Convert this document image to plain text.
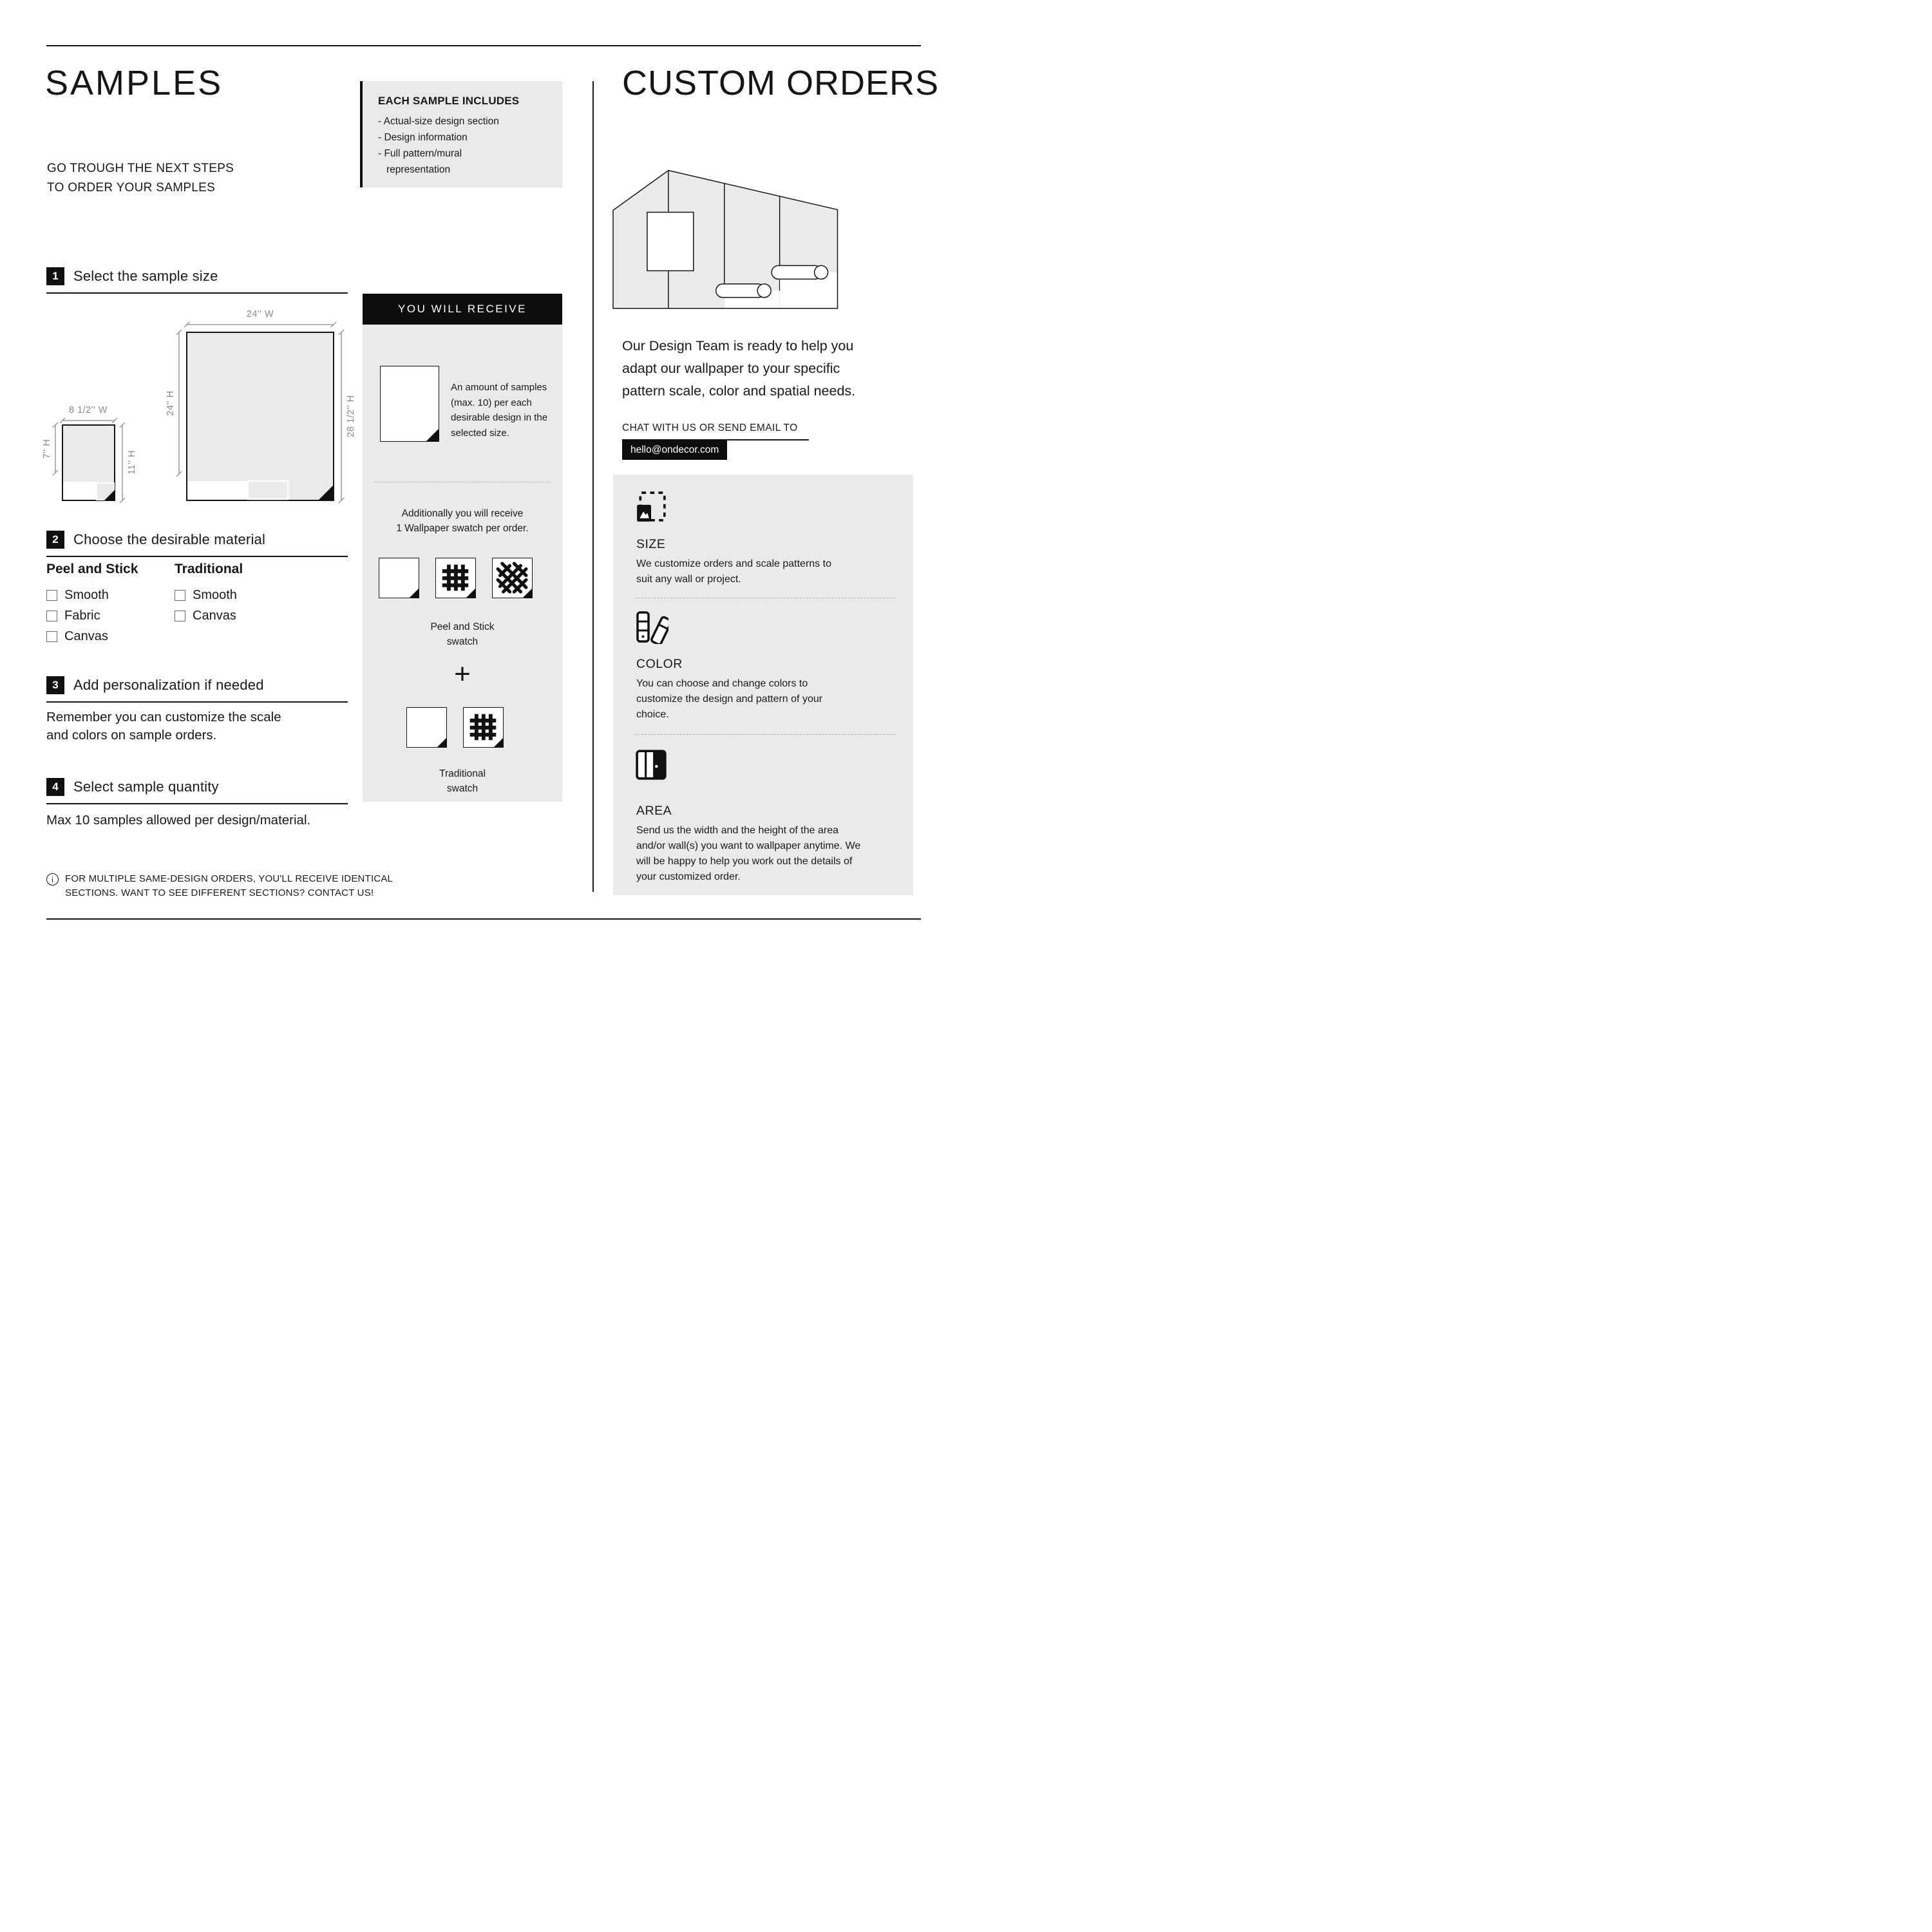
SAMPLES
GO TROUGH THE NEXT STEPS
TO ORDER YOUR SAMPLES
1	Select the sample size
24'' W
24'' H	28 1/2'' H
8 1/2'' W
7'' H
11'' H
2	Choose the desirable material
Peel and Stick
Smooth
Fabric
Canvas
Traditional
Smooth
Canvas
3	Add personalization if needed
Remember you can customize the scale and colors on sample orders.
4	Select sample quantity
Max 10 samples allowed per design/material.
i	FOR MULTIPLE SAME-DESIGN ORDERS, YOU'LL RECEIVE IDENTICAL
SECTIONS. WANT TO SEE DIFFERENT SECTIONS? CONTACT US!
EACH SAMPLE INCLUDES
- Actual-size design section
- Design information
- Full pattern/mural representation
YOU WILL RECEIVE
An amount of samples (max. 10) per each desirable design in the selected size.
Additionally you will receive
1 Wallpaper swatch per order.
Peel and Stick
swatch
+
Traditional
swatch
CUSTOM ORDERS
Our Design Team is ready to help you adapt our wallpaper to your specific pattern scale, color and spatial needs.
CHAT WITH US OR SEND EMAIL TO
hello@ondecor.com
SIZE
We customize orders and scale patterns to suit any wall or project.
COLOR
You can choose and change colors to customize the design and pattern of your choice.
AREA
Send us the width and the height of the area and/or wall(s) you want to wallpaper anytime. We will be happy to help you work out the details of your customized order.
